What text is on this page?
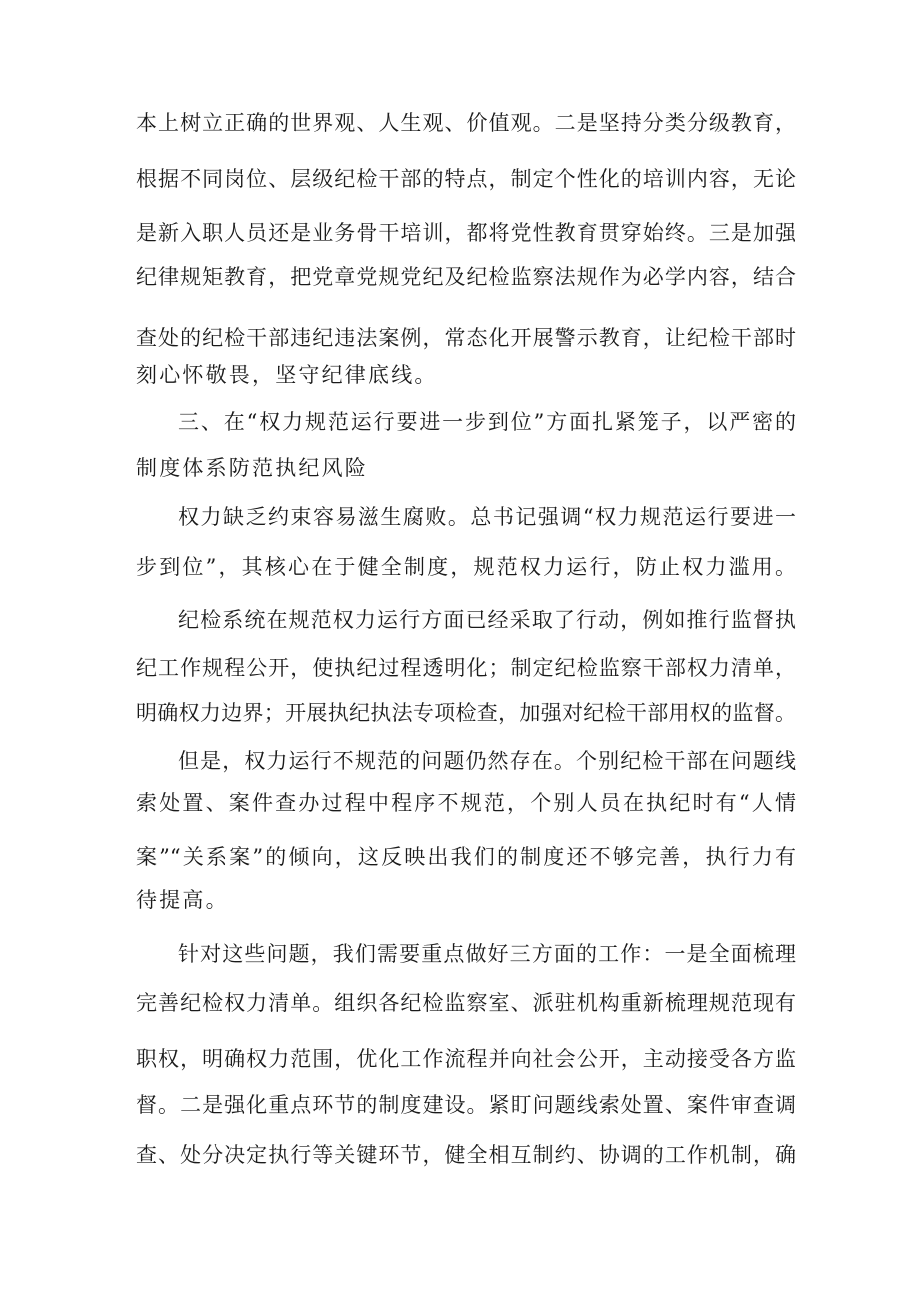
本上树立正确的世界观、人生观、价值观。二是坚持分类分级教育，
根据不同岗位、层级纪检干部的特点，制定个性化的培训内容，无论
是新入职人员还是业务骨干培训，都将党性教育贯穿始终。三是加强
纪律规矩教育，把党章党规党纪及纪检监察法规作为必学内容，结合
查处的纪检干部违纪违法案例，常态化开展警示教育，让纪检干部时
刻心怀敬畏，坚守纪律底线。
三、在“权力规范运行要进一步到位”方面扎紧笼子，以严密的
制度体系防范执纪风险
权力缺乏约束容易滋生腐败。总书记强调“权力规范运行要进一
步到位”，其核心在于健全制度，规范权力运行，防止权力滥用。
纪检系统在规范权力运行方面已经采取了行动，例如推行监督执
纪工作规程公开，使执纪过程透明化；制定纪检监察干部权力清单，
明确权力边界；开展执纪执法专项检查，加强对纪检干部用权的监督。
但是，权力运行不规范的问题仍然存在。个别纪检干部在问题线
索处置、案件查办过程中程序不规范，个别人员在执纪时有“人情
案”“关系案”的倾向，这反映出我们的制度还不够完善，执行力有
待提高。
针对这些问题，我们需要重点做好三方面的工作：一是全面梳理
完善纪检权力清单。组织各纪检监察室、派驻机构重新梳理规范现有
职权，明确权力范围，优化工作流程并向社会公开，主动接受各方监
督。二是强化重点环节的制度建设。紧盯问题线索处置、案件审查调
查、处分决定执行等关键环节，健全相互制约、协调的工作机制，确
